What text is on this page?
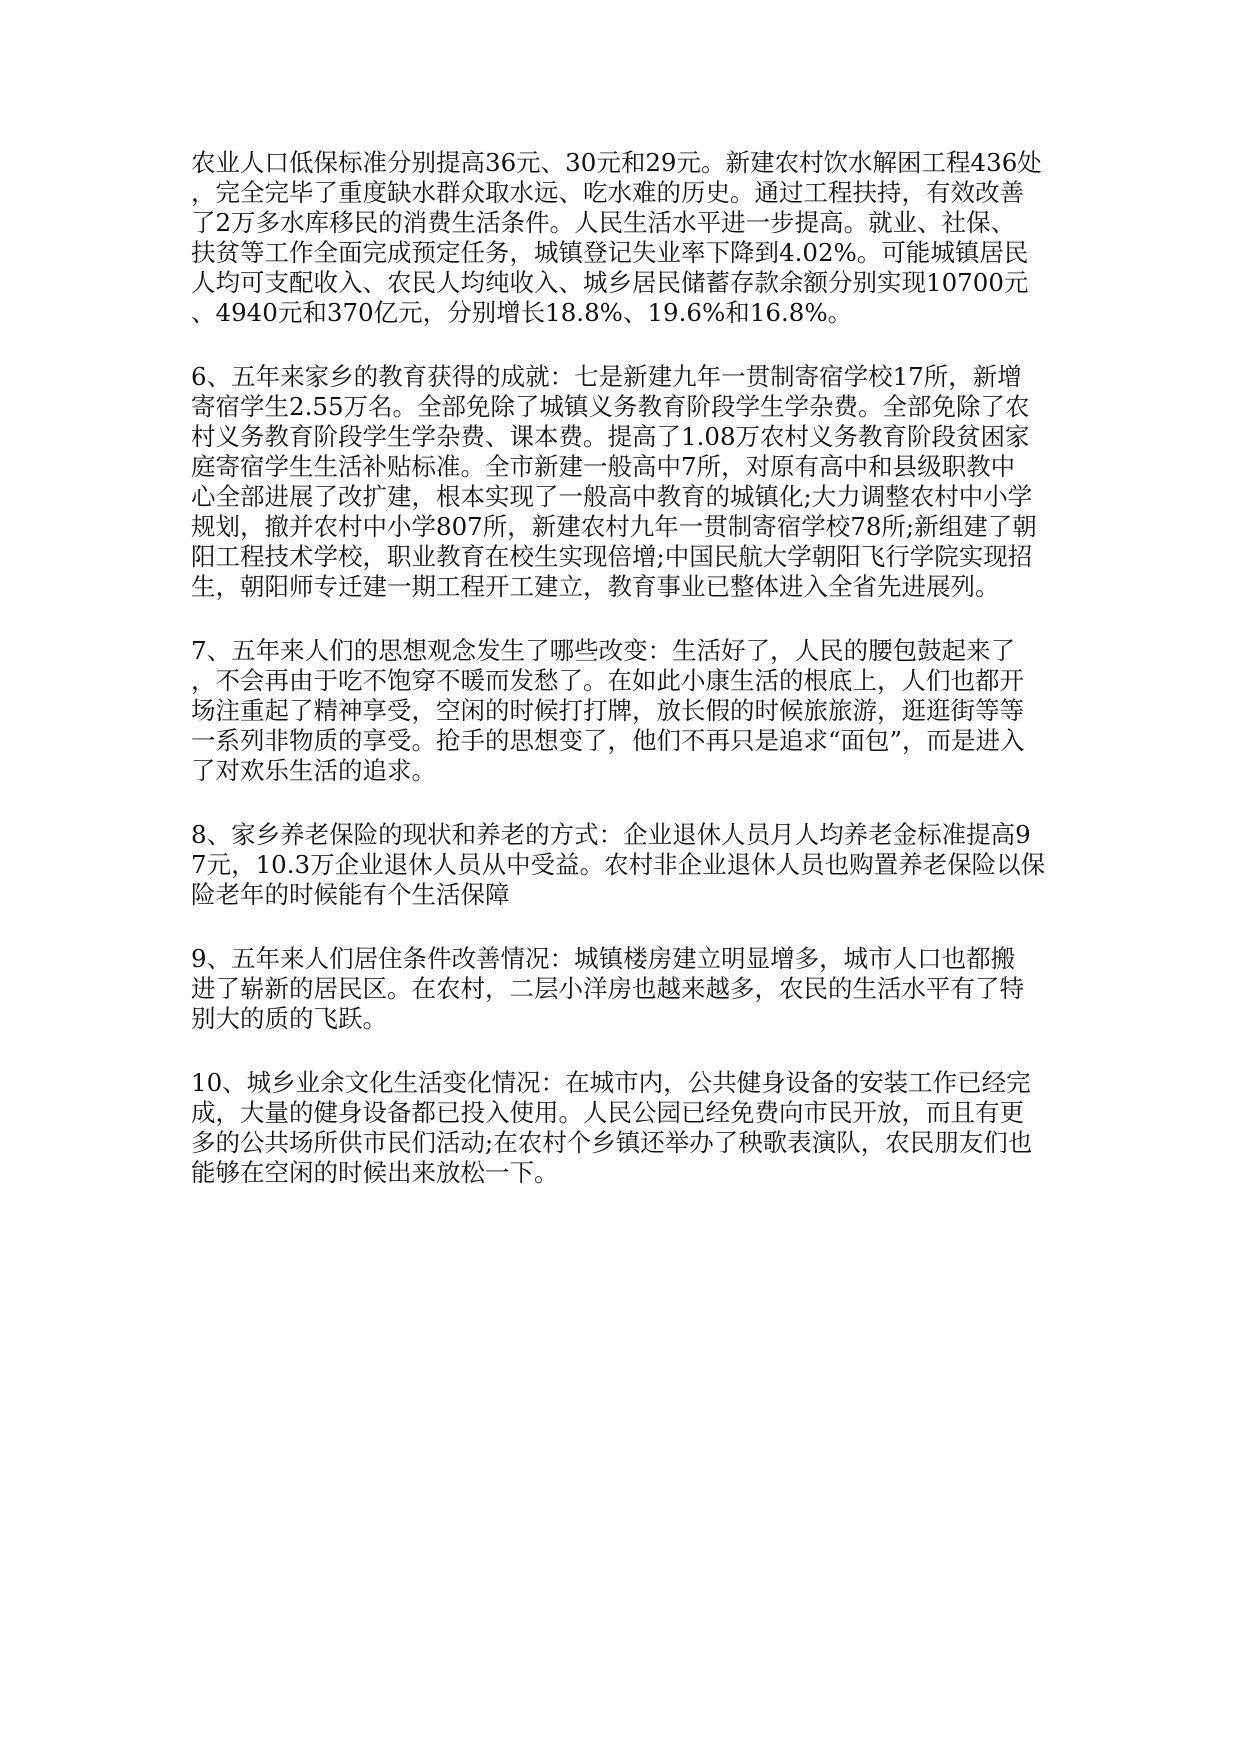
农业人口低保标准分别提高36元、30元和29元。新建农村饮水解困工程436处
，完全完毕了重度缺水群众取水远、吃水难的历史。通过工程扶持，有效改善
了2万多水库移民的消费生活条件。人民生活水平进一步提高。就业、社保、
扶贫等工作全面完成预定任务，城镇登记失业率下降到4.02%。可能城镇居民
人均可支配收入、农民人均纯收入、城乡居民储蓄存款余额分别实现10700元
、4940元和370亿元，分别增长18.8%、19.6%和16.8%。

6、五年来家乡的教育获得的成就：七是新建九年一贯制寄宿学校17所，新增
寄宿学生2.55万名。全部免除了城镇义务教育阶段学生学杂费。全部免除了农
村义务教育阶段学生学杂费、课本费。提高了1.08万农村义务教育阶段贫困家
庭寄宿学生生活补贴标准。全市新建一般高中7所，对原有高中和县级职教中
心全部进展了改扩建，根本实现了一般高中教育的城镇化;大力调整农村中小学
规划，撤并农村中小学807所，新建农村九年一贯制寄宿学校78所;新组建了朝
阳工程技术学校，职业教育在校生实现倍增;中国民航大学朝阳飞行学院实现招
生，朝阳师专迁建一期工程开工建立，教育事业已整体进入全省先进展列。

7、五年来人们的思想观念发生了哪些改变：生活好了，人民的腰包鼓起来了
，不会再由于吃不饱穿不暖而发愁了。在如此小康生活的根底上，人们也都开
场注重起了精神享受，空闲的时候打打牌，放长假的时候旅旅游，逛逛街等等
一系列非物质的享受。抢手的思想变了，他们不再只是追求“面包”，而是进入
了对欢乐生活的追求。

8、家乡养老保险的现状和养老的方式：企业退休人员月人均养老金标准提高9
7元，10.3万企业退休人员从中受益。农村非企业退休人员也购置养老保险以保
险老年的时候能有个生活保障

9、五年来人们居住条件改善情况：城镇楼房建立明显增多，城市人口也都搬
进了崭新的居民区。在农村，二层小洋房也越来越多，农民的生活水平有了特
别大的质的飞跃。

10、城乡业余文化生活变化情况：在城市内，公共健身设备的安装工作已经完
成，大量的健身设备都已投入使用。人民公园已经免费向市民开放，而且有更
多的公共场所供市民们活动;在农村个乡镇还举办了秧歌表演队，农民朋友们也
能够在空闲的时候出来放松一下。
